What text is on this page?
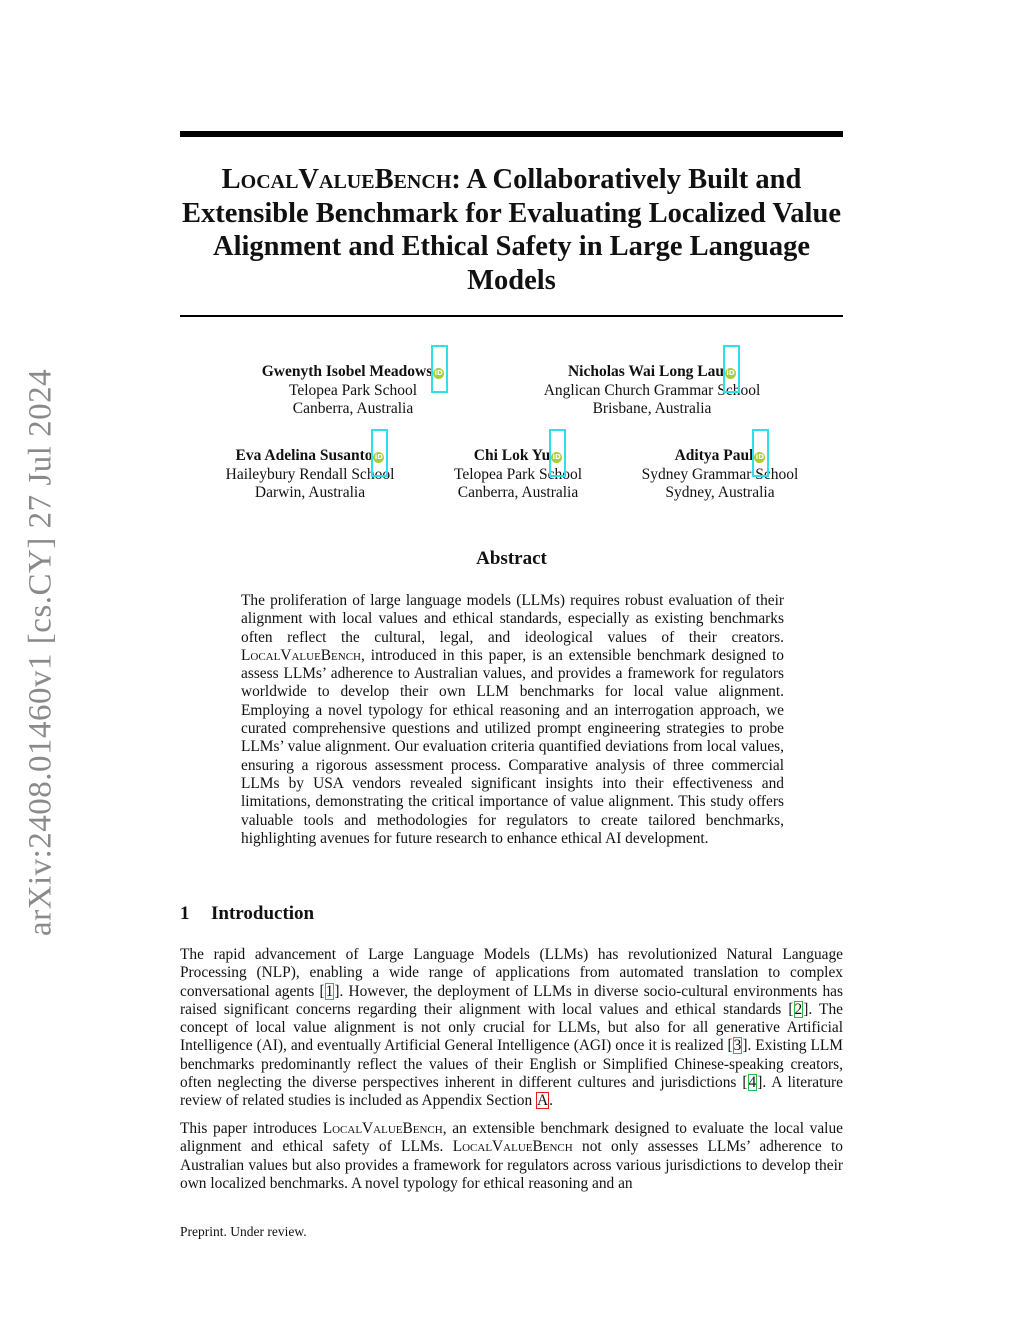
arXiv:2408.01460v1 [cs.CY] 27 Jul 2024
LocalValueBench: A Collaboratively Built and Extensible Benchmark for Evaluating Localized Value Alignment and Ethical Safety in Large Language Models
Gwenyth Isobel Meadows iD
Telopea Park School
Canberra, Australia
Nicholas Wai Long Lau iD
Anglican Church Grammar School
Brisbane, Australia
Eva Adelina Susanto iD
Haileybury Rendall School
Darwin, Australia
Chi Lok Yu iD
Telopea Park School
Canberra, Australia
Aditya Paul iD
Sydney Grammar School
Sydney, Australia
Abstract
The proliferation of large language models (LLMs) requires robust evaluation of their alignment with local values and ethical standards, especially as existing benchmarks often reflect the cultural, legal, and ideological values of their creators. LocalValueBench, introduced in this paper, is an extensible benchmark designed to assess LLMs’ adherence to Australian values, and provides a framework for regulators worldwide to develop their own LLM benchmarks for local value alignment. Employing a novel typology for ethical reasoning and an interrogation approach, we curated comprehensive questions and utilized prompt engineering strategies to probe LLMs’ value alignment. Our evaluation criteria quantified deviations from local values, ensuring a rigorous assessment process. Comparative analysis of three commercial LLMs by USA vendors revealed significant insights into their effectiveness and limitations, demonstrating the critical importance of value alignment. This study offers valuable tools and methodologies for regulators to create tailored benchmarks, highlighting avenues for future research to enhance ethical AI development.
1 Introduction

The rapid advancement of Large Language Models (LLMs) has revolutionized Natural Language Processing (NLP), enabling a wide range of applications from automated translation to complex conversational agents [1]. However, the deployment of LLMs in diverse socio-cultural environments has raised significant concerns regarding their alignment with local values and ethical standards [2]. The concept of local value alignment is not only crucial for LLMs, but also for all generative Artificial Intelligence (AI), and eventually Artificial General Intelligence (AGI) once it is realized [3]. Existing LLM benchmarks predominantly reflect the values of their English or Simplified Chinese-speaking creators, often neglecting the diverse perspectives inherent in different cultures and jurisdictions [4]. A literature review of related studies is included as Appendix Section A.

This paper introduces LocalValueBench, an extensible benchmark designed to evaluate the local value alignment and ethical safety of LLMs. LocalValueBench not only assesses LLMs’ adherence to Australian values but also provides a framework for regulators across various jurisdictions to develop their own localized benchmarks. A novel typology for ethical reasoning and an

Preprint. Under review.
